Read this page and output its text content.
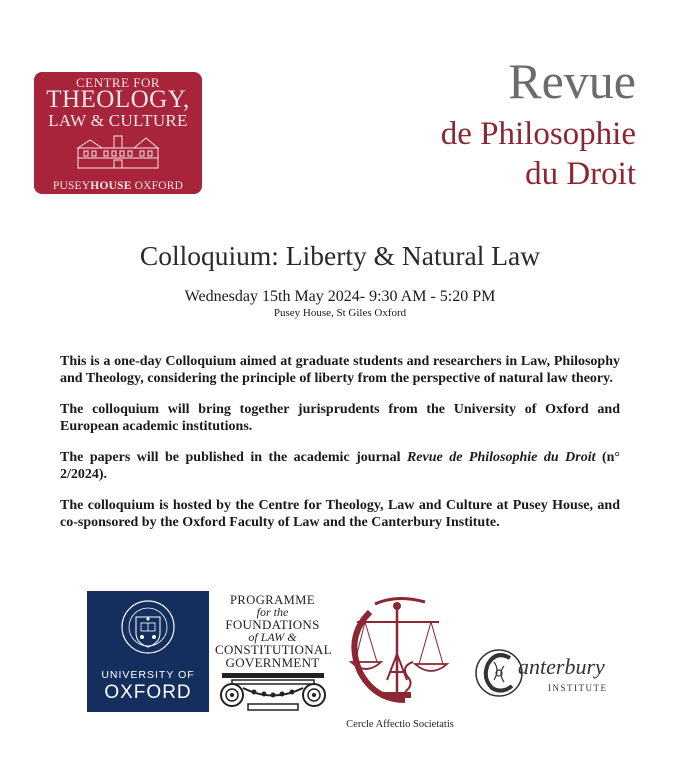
CENTRE FOR
THEOLOGY,
LAW & CULTURE
PUSEYHOUSE OXFORD
Revue
de Philosophie
du Droit
Colloquium: Liberty & Natural Law
Wednesday 15th May 2024- 9:30 AM - 5:20 PM
Pusey House, St Giles Oxford

This is a one-day Colloquium aimed at graduate students and researchers in Law, Philosophy and Theology, considering the principle of liberty from the perspective of natural law theory.

The colloquium will bring together jurisprudents from the University of Oxford and European academic institutions.

The papers will be published in the academic journal Revue de Philosophie du Droit (n° 2/2024).

The colloquium is hosted by the Centre for Theology, Law and Culture at Pusey House, and co-sponsored by the Oxford Faculty of Law and the Canterbury Institute.

UNIVERSITY OF
OXFORD
PROGRAMME
for the
FOUNDATIONS
of LAW &
CONSTITUTIONAL
GOVERNMENT
Cercle Affectio Societatis
anterbury
INSTITUTE
